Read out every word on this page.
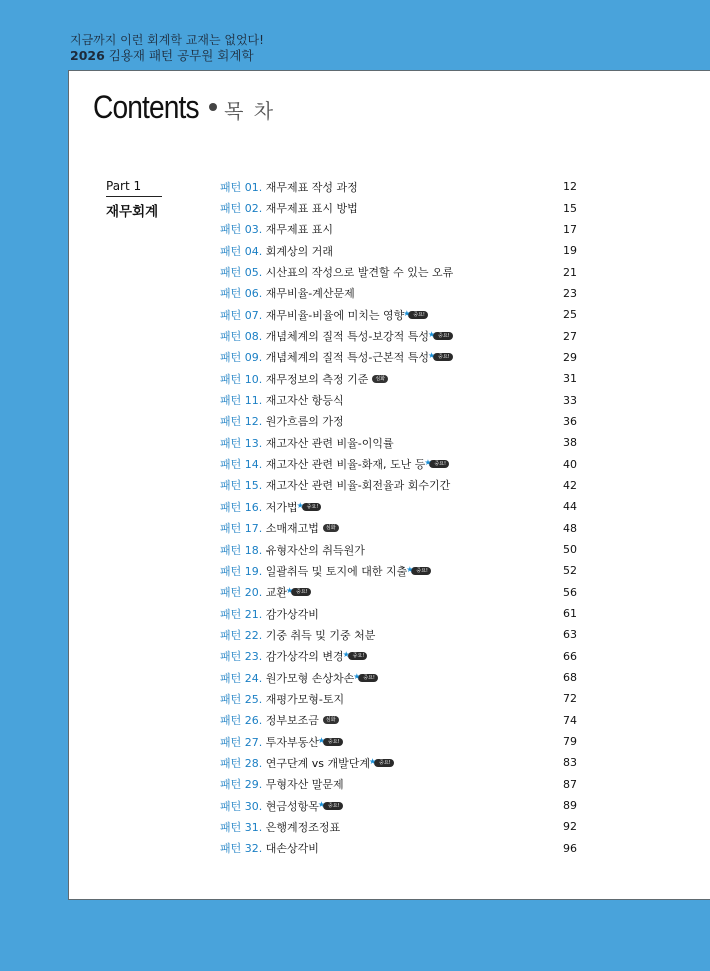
지금까지 이런 회계학 교재는 없었다!
2026 김용재 패턴 공무원 회계학
Contents 목 차
Part 1
재무회계
패턴 01.
재무제표 작성 과정	12
패턴 02.
재무제표 표시 방법	15
패턴 03.
재무제표 표시	17
패턴 04.
회계상의 거래	19
패턴 05.
시산표의 작성으로 발견할 수 있는 오류	21
패턴 06.
재무비율-계산문제	23
패턴 07.
재무비율-비율에 미치는 영향	★ 중요!	25
패턴 08.
개념체계의 질적 특성-보강적 특성	★ 중요!	27
패턴 09.
개념체계의 질적 특성-근본적 특성	★ 중요!	29
패턴 10.
재무정보의 측정 기준	심화	31
패턴 11.
재고자산 항등식	33
패턴 12.
원가흐름의 가정	36
패턴 13.
재고자산 관련 비율-이익률	38
패턴 14.
재고자산 관련 비율-화재, 도난 등	★ 중요!	40
패턴 15.
재고자산 관련 비율-회전율과 회수기간	42
패턴 16.
저가법	★ 중요!	44
패턴 17.
소매재고법	심화	48
패턴 18.
유형자산의 취득원가	50
패턴 19.
일괄취득 및 토지에 대한 지출	★ 중요!	52
패턴 20.
교환	★ 중요!	56
패턴 21.
감가상각비	61
패턴 22.
기중 취득 및 기중 처분	63
패턴 23.
감가상각의 변경	★ 중요!	66
패턴 24.
원가모형 손상차손	★ 중요!	68
패턴 25.
재평가모형-토지	72
패턴 26.
정부보조금	심화	74
패턴 27.
투자부동산	★ 중요!	79
패턴 28.
연구단계 vs 개발단계	★ 중요!	83
패턴 29.
무형자산 말문제	87
패턴 30.
현금성항목	★ 중요!	89
패턴 31.
은행계정조정표	92
패턴 32.
대손상각비	96
